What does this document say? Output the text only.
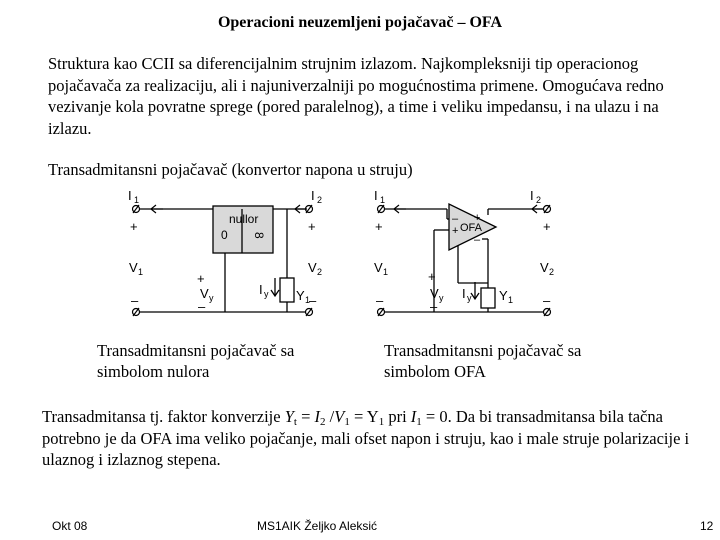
Operacioni neuzemljeni pojačavač – OFA
Struktura kao CCII sa diferencijalnim strujnim izlazom. Najkompleksniji tip operacionog pojačavača za realizaciju, ali i najuniverzalniji po mogućnostima primene. Omogućava redno vezivanje kola povratne sprege (pored paralelnog), a time i veliku impedansu, i na ulazu i na izlazu.
Transadmitansni pojačavač (konvertor napona u struju)
I 1	I 2
+	+
V 1	V 2
+
V y
–
–	–
I y Y 1
nullor
0 8
I 1	I 2
+	+
V 1	V 2
+
V y
–
–	–
I y Y 1
–
+
+
OFA
–
Transadmitansni pojačavač sa
simbolom nulora
Transadmitansni pojačavač sa
simbolom OFA
Transadmitansa tj. faktor konverzije $Y_t = I_2$ $/V_1 = Y_1$ pri $I_1 = 0$. Da bi transadmitansa bila tačna potrebno je da OFA ima veliko pojačanje, mali ofset napon i struju, kao i male struje polarizacije i ulaznog i izlaznog stepena.
Okt 08	MS1AIK Željko Aleksić	12
